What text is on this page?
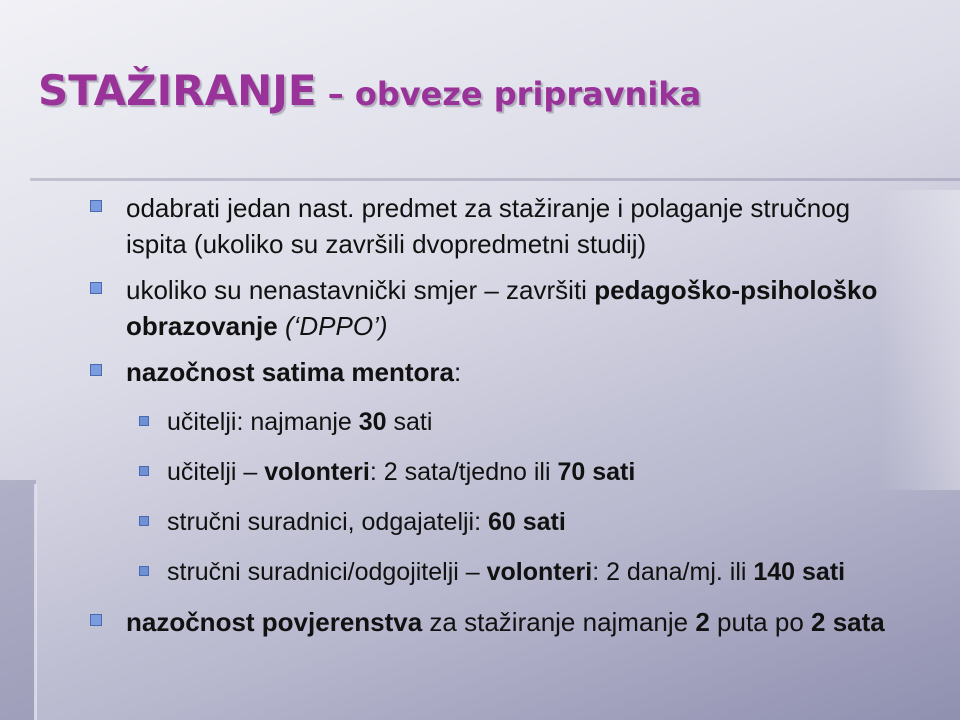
STAŽIRANJE – obveze pripravnika
odabrati jedan nast. predmet za stažiranje i polaganje stručnog ispita (ukoliko su završili dvopredmetni studij)
ukoliko su nenastavnički smjer – završiti pedagoško-psihološko obrazovanje (‘DPPO’)
nazočnost satima mentora:
učitelji: najmanje 30 sati
učitelji – volonteri: 2 sata/tjedno ili 70 sati
stručni suradnici, odgajatelji: 60 sati
stručni suradnici/odgojitelji – volonteri: 2 dana/mj. ili 140 sati
nazočnost povjerenstva za stažiranje najmanje 2 puta po 2 sata
